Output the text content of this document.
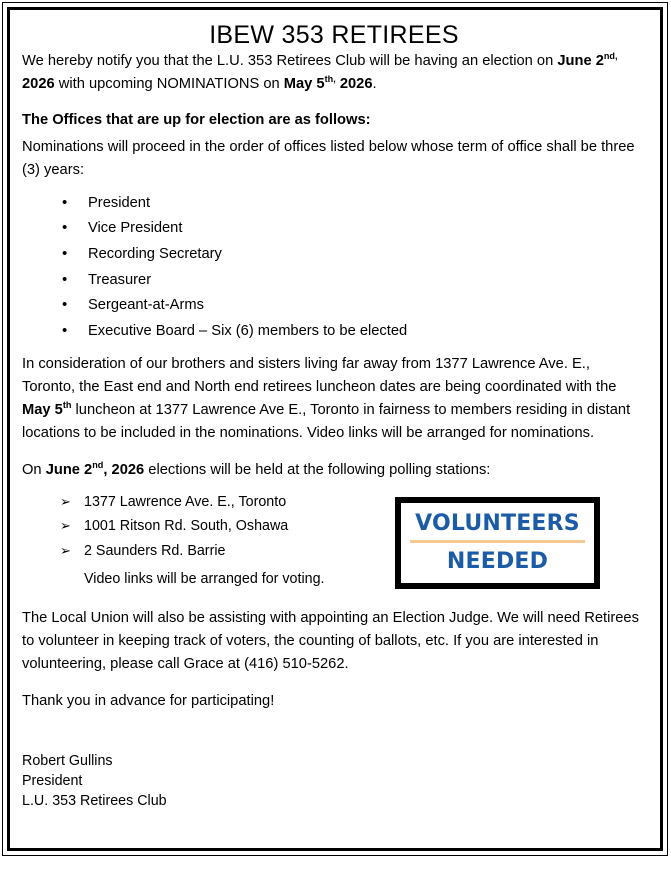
IBEW 353 RETIREES

We hereby notify you that the L.U. 353 Retirees Club will be having an election on June $2^{nd,}$ 2026 with upcoming NOMINATIONS on May $5^{th,}$ 2026.

The Offices that are up for election are as follows:

Nominations will proceed in the order of offices listed below whose term of office shall be three (3) years:

• President
• Vice President
• Recording Secretary
• Treasurer
• Sergeant-at-Arms
• Executive Board – Six (6) members to be elected

In consideration of our brothers and sisters living far away from 1377 Lawrence Ave. E., Toronto, the East end and North end retirees luncheon dates are being coordinated with the May 5th luncheon at 1377 Lawrence Ave E., Toronto in fairness to members residing in distant locations to be included in the nominations. Video links will be arranged for nominations.

On June 2nd, 2026 elections will be held at the following polling stations:

➢ 1377 Lawrence Ave. E., Toronto
➢ 1001 Ritson Rd. South, Oshawa
➢ 2 Saunders Rd. Barrie
Video links will be arranged for voting.
VOLUNTEERS
NEEDED

The Local Union will also be assisting with appointing an Election Judge. We will need Retirees to volunteer in keeping track of voters, the counting of ballots, etc. If you are interested in volunteering, please call Grace at (416) 510-5262.

Thank you in advance for participating!

Robert Gullins
President
L.U. 353 Retirees Club
